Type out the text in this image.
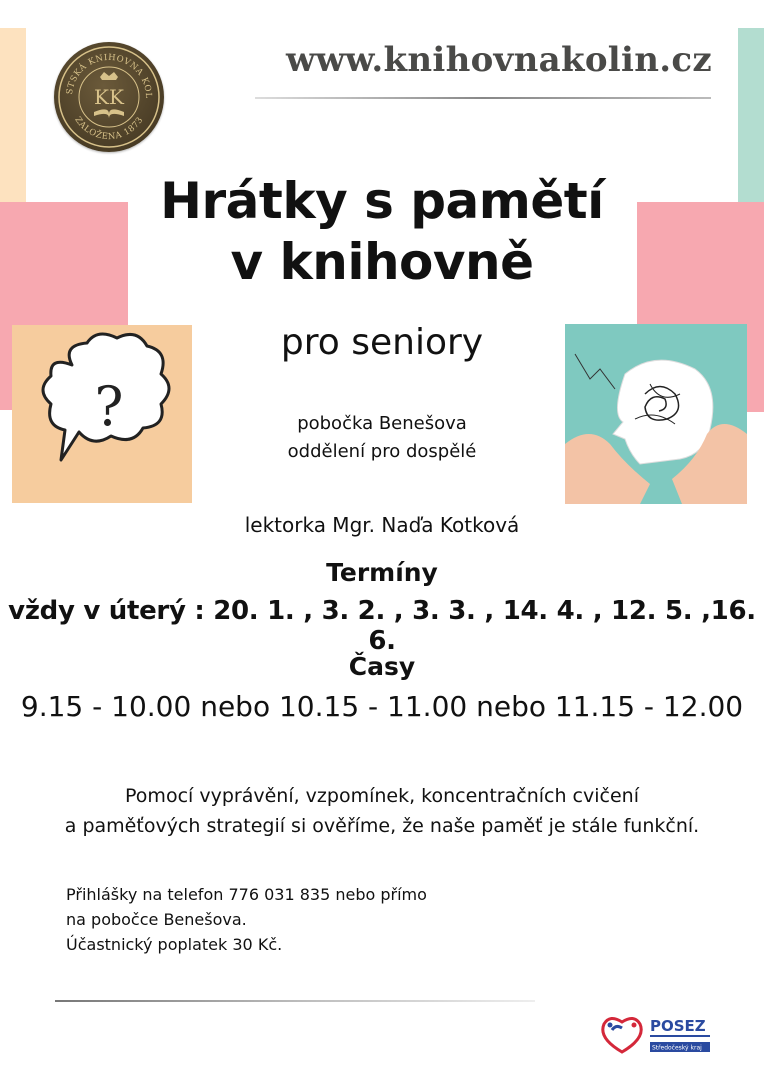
STSKÁ KNIHOVNA KOL
ZALOŽENA 1873
KK
www.knihovnakolin.cz
Hrátky s pamětí
v knihovně
pro seniory
?	pobočka Benešova
oddělení pro dospělé
lektorka Mgr. Naďa Kotková
Termíny
vždy v úterý : 20. 1. , 3. 2. , 3. 3. , 14. 4. , 12. 5. ,16. 6.
Časy
9.15 - 10.00 nebo 10.15 - 11.00 nebo 11.15 - 12.00
Pomocí vyprávění, vzpomínek, koncentračních cvičení
a paměťových strategií si ověříme, že naše paměť je stále funkční.
Přihlášky na telefon 776 031 835 nebo přímo
na pobočce Benešova.
Účastnický poplatek 30 Kč.
POSEZ
Středočeský kraj
